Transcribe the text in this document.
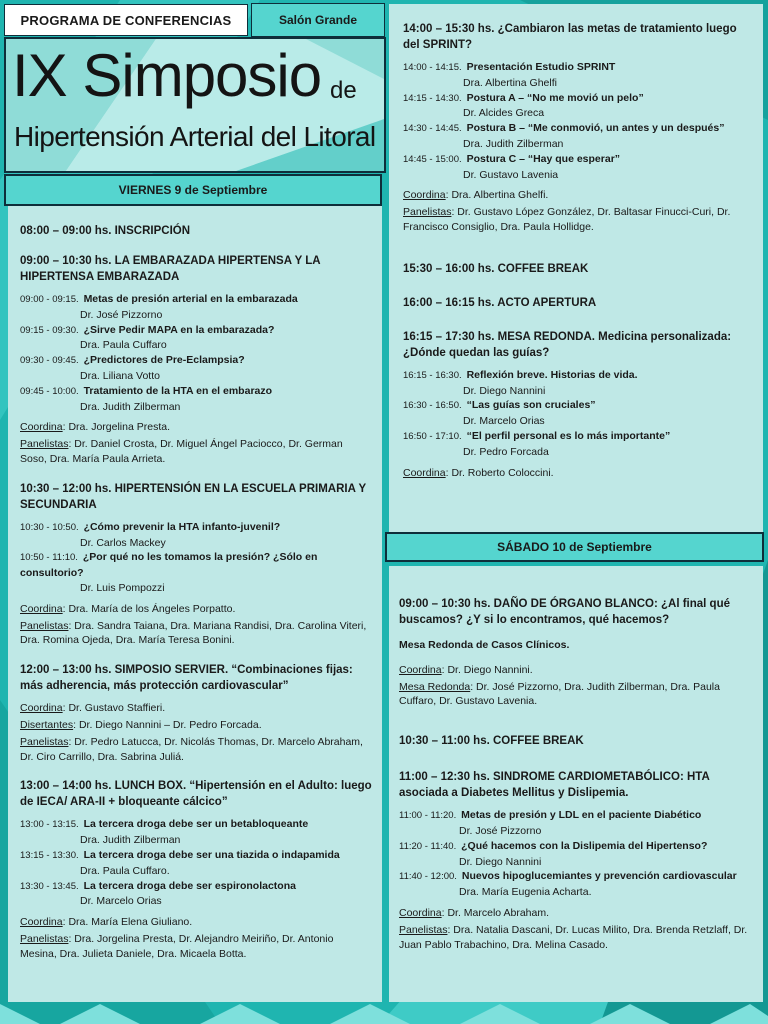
PROGRAMA DE CONFERENCIAS	Salón Grande
IX Simposio de
Hipertensión Arterial del Litoral
VIERNES 9 de Septiembre
08:00 – 09:00 hs. INSCRIPCIÓN
09:00 – 10:30 hs. LA EMBARAZADA HIPERTENSA Y LA HIPERTENSA EMBARAZADA
09:00 - 09:15. Metas de presión arterial en la embarazada
Dr. José Pizzorno
09:15 - 09:30. ¿Sirve Pedir MAPA en la embarazada?
Dra. Paula Cuffaro
09:30 - 09:45. ¿Predictores de Pre-Eclampsia?
Dra. Liliana Votto
09:45 - 10:00. Tratamiento de la HTA en el embarazo
Dra. Judith Zilberman
Coordina: Dra. Jorgelina Presta.
Panelistas: Dr. Daniel Crosta, Dr. Miguel Ángel Paciocco, Dr. German Soso, Dra. María Paula Arrieta.
10:30 – 12:00 hs. HIPERTENSIÓN EN LA ESCUELA PRIMARIA Y SECUNDARIA
10:30 - 10:50. ¿Cómo prevenir la HTA infanto-juvenil?
Dr. Carlos Mackey
10:50 - 11:10. ¿Por qué no les tomamos la presión? ¿Sólo en consultorio?
Dr. Luis Pompozzi
Coordina: Dra. María de los Ángeles Porpatto.
Panelistas: Dra. Sandra Taiana, Dra. Mariana Randisi, Dra. Carolina Viteri, Dra. Romina Ojeda, Dra. María Teresa Bonini.
12:00 – 13:00 hs. SIMPOSIO SERVIER. “Combinaciones fijas: más adherencia, más protección cardiovascular”
Coordina: Dr. Gustavo Staffieri.
Disertantes: Dr. Diego Nannini – Dr. Pedro Forcada.
Panelistas: Dr. Pedro Latucca, Dr. Nicolás Thomas, Dr. Marcelo Abraham, Dr. Ciro Carrillo, Dra. Sabrina Juliá.
13:00 – 14:00 hs. LUNCH BOX. “Hipertensión en el Adulto: luego de IECA/ ARA-II + bloqueante cálcico”
13:00 - 13:15. La tercera droga debe ser un betabloqueante
Dra. Judith Zilberman
13:15 - 13:30. La tercera droga debe ser una tiazida o indapamida
Dra. Paula Cuffaro.
13:30 - 13:45. La tercera droga debe ser espironolactona
Dr. Marcelo Orias
Coordina: Dra. María Elena Giuliano.
Panelistas: Dra. Jorgelina Presta, Dr. Alejandro Meiriño, Dr. Antonio Mesina, Dra. Julieta Daniele, Dra. Micaela Botta.
14:00 – 15:30 hs. ¿Cambiaron las metas de tratamiento luego del SPRINT?
14:00 - 14:15. Presentación Estudio SPRINT
Dra. Albertina Ghelfi
14:15 - 14:30. Postura A – “No me movió un pelo”
Dr. Alcides Greca
14:30 - 14:45. Postura B – “Me conmovió, un antes y un después”
Dra. Judith Zilberman
14:45 - 15:00. Postura C – “Hay que esperar”
Dr. Gustavo Lavenia
Coordina: Dra. Albertina Ghelfi.
Panelistas: Dr. Gustavo López González, Dr. Baltasar Finucci-Curi, Dr. Francisco Consiglio, Dra. Paula Hollidge.
15:30 – 16:00 hs. COFFEE BREAK
16:00 – 16:15 hs. ACTO APERTURA
16:15 – 17:30 hs. MESA REDONDA. Medicina personalizada: ¿Dónde quedan las guías?
16:15 - 16:30. Reflexión breve. Historias de vida.
Dr. Diego Nannini
16:30 - 16:50. “Las guías son cruciales”
Dr. Marcelo Orias
16:50 - 17:10. “El perfil personal es lo más importante”
Dr. Pedro Forcada
Coordina: Dr. Roberto Coloccini.
SÁBADO 10 de Septiembre
09:00 – 10:30 hs. DAÑO DE ÓRGANO BLANCO: ¿Al final qué buscamos? ¿Y si lo encontramos, qué hacemos?
Mesa Redonda de Casos Clínicos.
Coordina: Dr. Diego Nannini.
Mesa Redonda: Dr. José Pizzorno, Dra. Judith Zilberman, Dra. Paula Cuffaro, Dr. Gustavo Lavenia.
10:30 – 11:00 hs. COFFEE BREAK
11:00 – 12:30 hs. SINDROME CARDIOMETABÓLICO: HTA asociada a Diabetes Mellitus y Dislipemia.
11:00 - 11:20. Metas de presión y LDL en el paciente Diabético
Dr. José Pizzorno
11:20 - 11:40. ¿Qué hacemos con la Dislipemia del Hipertenso?
Dr. Diego Nannini
11:40 - 12:00. Nuevos hipoglucemiantes y prevención cardiovascular
Dra. María Eugenia Acharta.
Coordina: Dr. Marcelo Abraham.
Panelistas: Dra. Natalia Dascani, Dr. Lucas Milito, Dra. Brenda Retzlaff, Dr. Juan Pablo Trabachino, Dra. Melina Casado.
